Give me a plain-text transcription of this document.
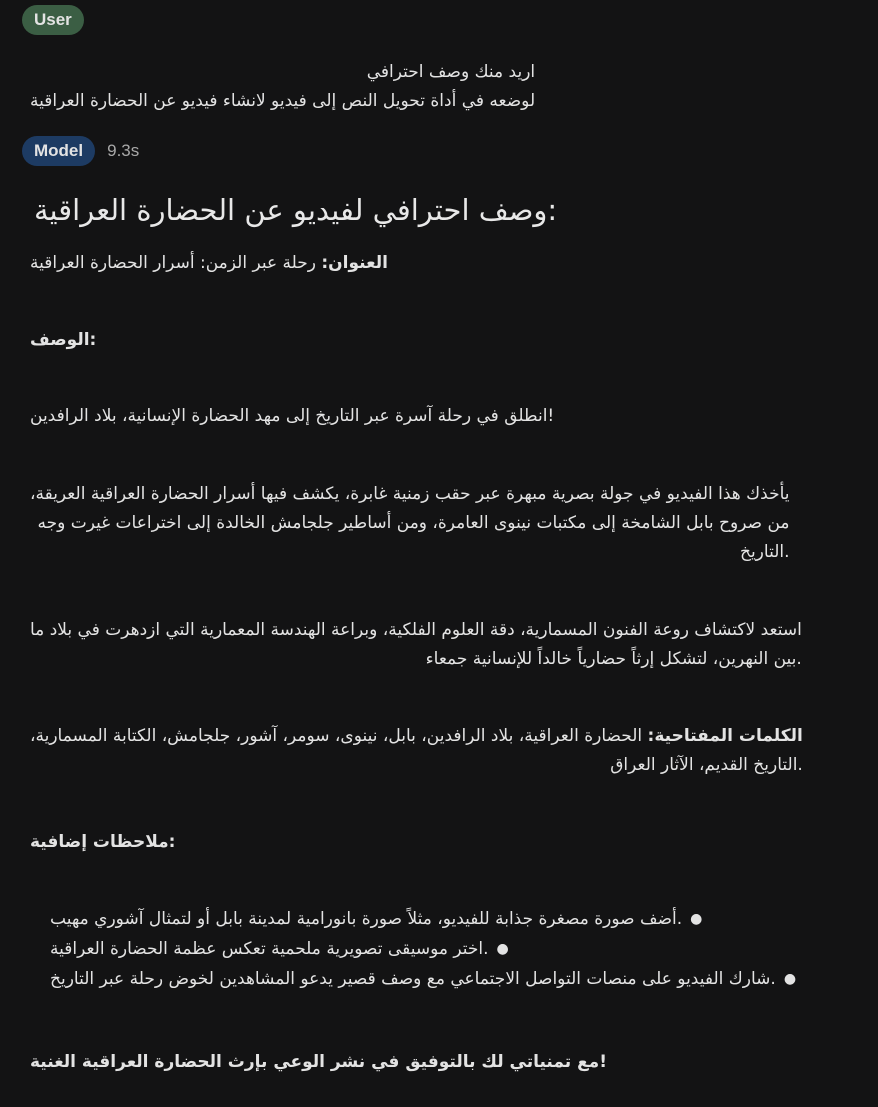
User
اريد منك وصف احترافي
لوضعه في أداة تحويل النص إلى فيديو لانشاء فيديو عن الحضارة العراقية
Model	9.3s
:وصف احترافي لفيديو عن الحضارة العراقية
العنوان: رحلة عبر الزمن: أسرار الحضارة العراقية
:الوصف
!انطلق في رحلة آسرة عبر التاريخ إلى مهد الحضارة الإنسانية، بلاد الرافدين
يأخذك هذا الفيديو في جولة بصرية مبهرة عبر حقب زمنية غابرة، يكشف فيها أسرار الحضارة العراقية العريقة،
من صروح بابل الشامخة إلى مكتبات نينوى العامرة، ومن أساطير جلجامش الخالدة إلى اختراعات غيرت وجه
.التاريخ
استعد لاكتشاف روعة الفنون المسمارية، دقة العلوم الفلكية، وبراعة الهندسة المعمارية التي ازدهرت في بلاد ما
.بين النهرين، لتشكل إرثاً حضارياً خالداً للإنسانية جمعاء
الكلمات المفتاحية: الحضارة العراقية، بلاد الرافدين، بابل، نينوى، سومر، آشور، جلجامش، الكتابة المسمارية،
.التاريخ القديم، الآثار العراق
:ملاحظات إضافية
●
.أضف صورة مصغرة جذابة للفيديو، مثلاً صورة بانورامية لمدينة بابل أو لتمثال آشوري مهيب
●
.اختر موسيقى تصويرية ملحمية تعكس عظمة الحضارة العراقية
●
.شارك الفيديو على منصات التواصل الاجتماعي مع وصف قصير يدعو المشاهدين لخوض رحلة عبر التاريخ
!مع تمنياتي لك بالتوفيق في نشر الوعي بإرث الحضارة العراقية الغنية
